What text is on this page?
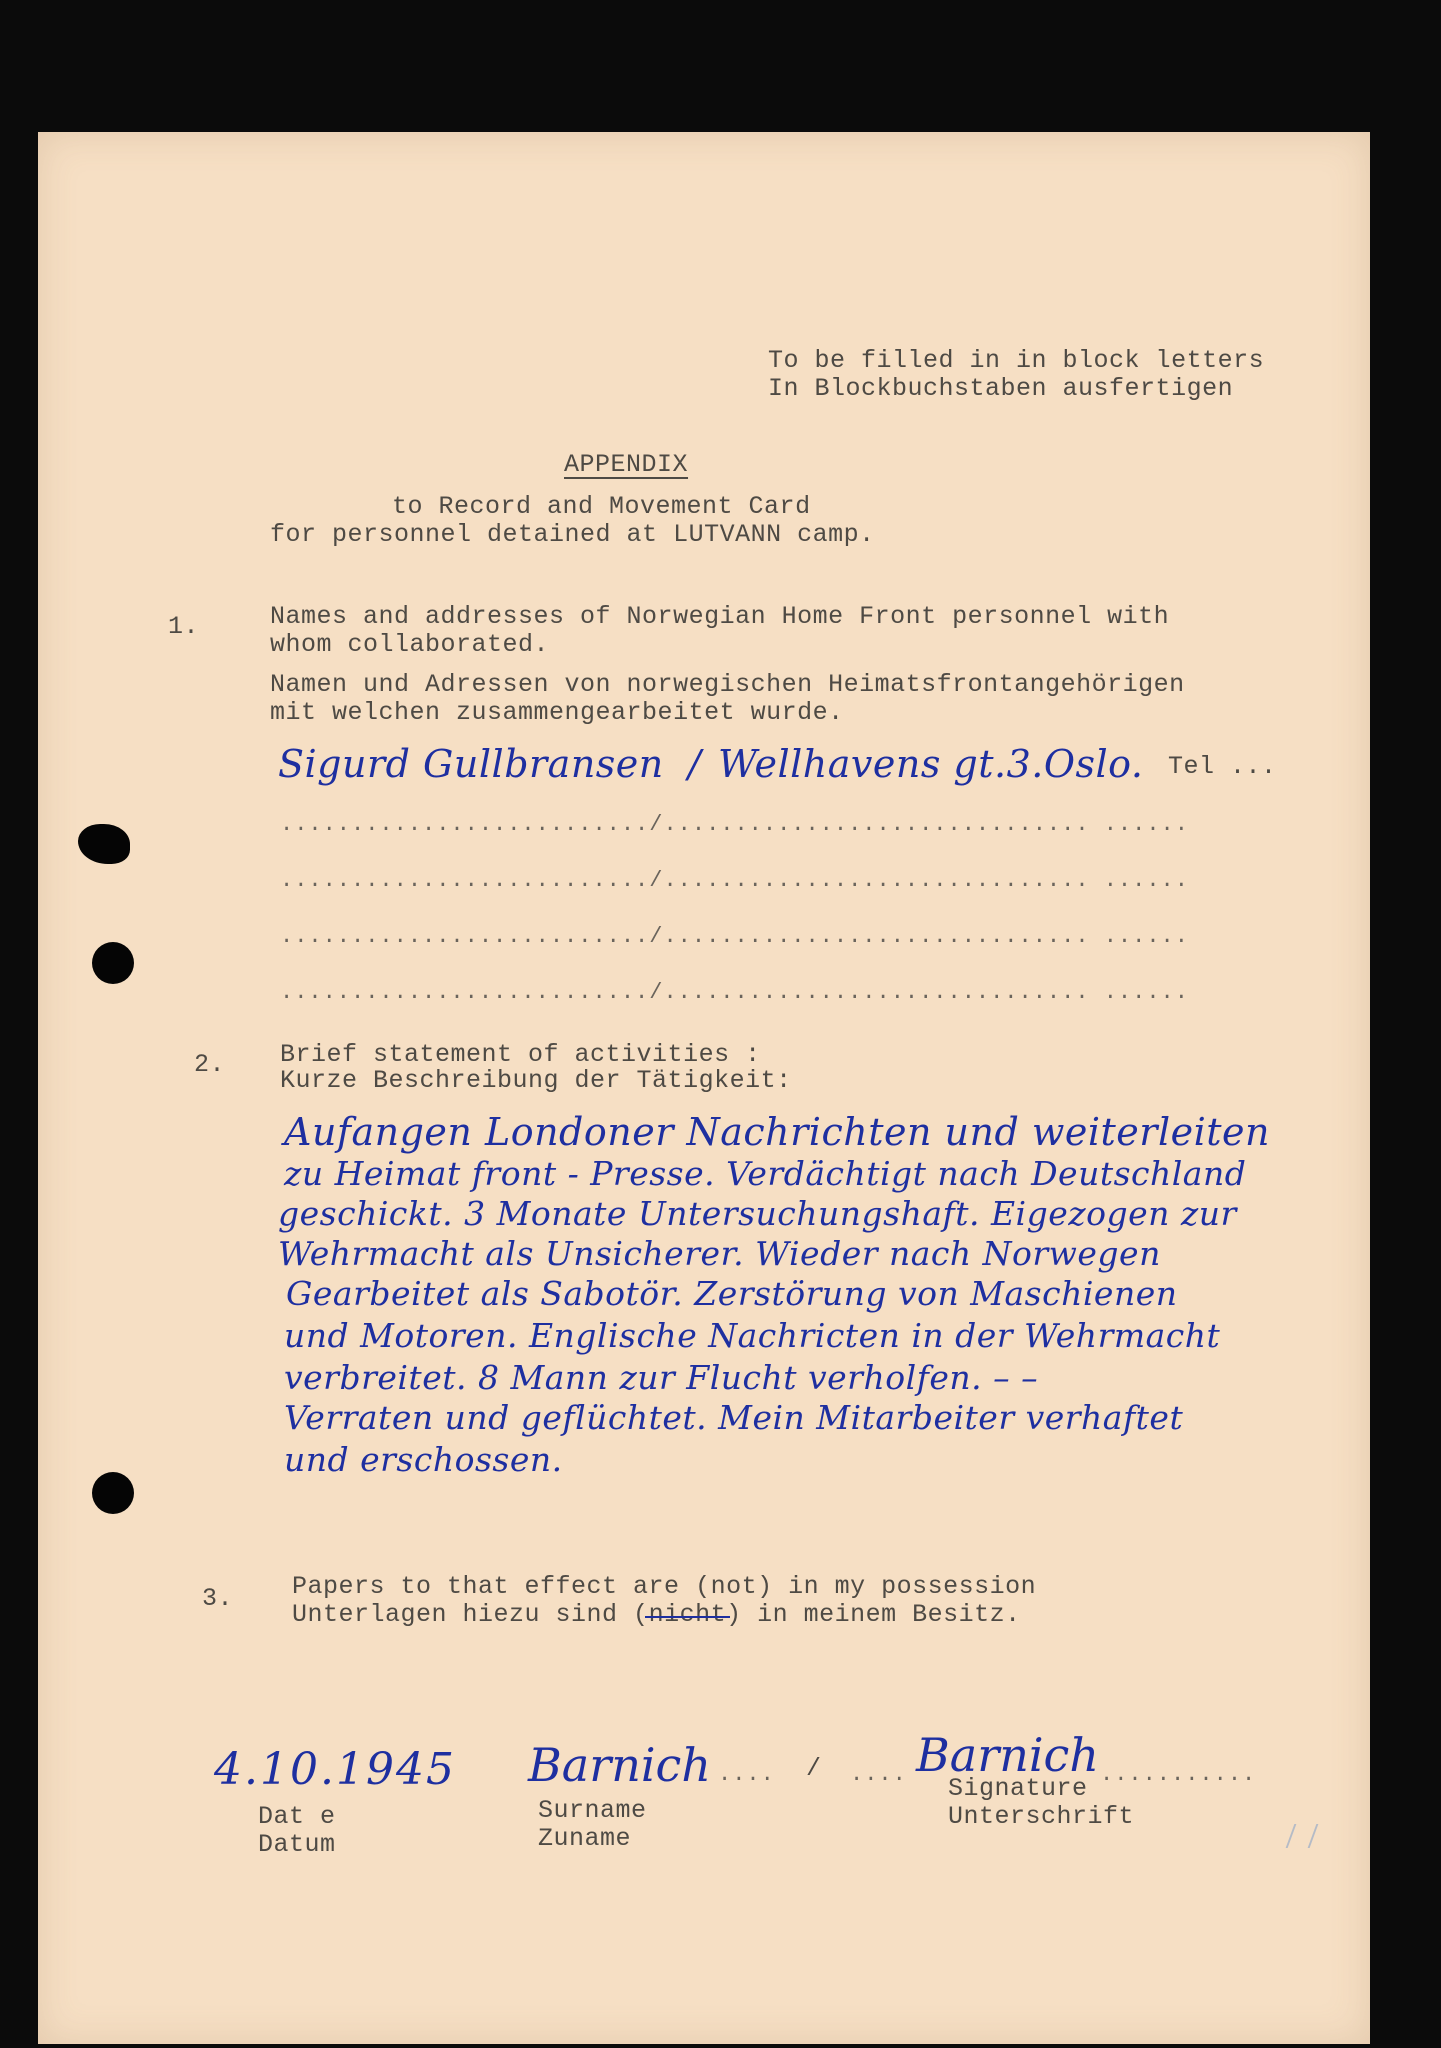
To be filled in in block letters
In Blockbuchstaben ausfertigen
APPENDIX
to Record and Movement Card
for personnel detained at LUTVANN camp.
1.	Names and addresses of Norwegian Home Front personnel with
whom collaborated.
Namen und Adressen von norwegischen Heimatsfrontangehörigen
mit welchen zusammengearbeitet wurde.
Sigurd Gullbransen / Wellhavens gt.3.Oslo. Tel ...
........................../.............................. ......
........................../.............................. ......
........................../.............................. ......
........................../.............................. ......
2. Brief statement of activities :
Kurze Beschreibung der Tätigkeit:
Aufangen Londoner Nachrichten und weiterleiten
zu Heimat front - Presse. Verdächtigt nach Deutschland
geschickt. 3 Monate Untersuchungshaft. Eigezogen zur
Wehrmacht als Unsicherer. Wieder nach Norwegen
Gearbeitet als Sabotör. Zerstörung von Maschienen
und Motoren. Englische Nachricten in der Wehrmacht
verbreitet. 8 Mann zur Flucht verholfen. – –
Verraten und geflüchtet. Mein Mitarbeiter verhaftet
und erschossen.
3. Papers to that effect are (not) in my possession
Unterlagen hiezu sind (nicht) in meinem Besitz.
4.10.1945
Dat e
Datum
Barnich .... /
Surname
Zuname
.... Barnich ...........
Signature
Unterschrift
